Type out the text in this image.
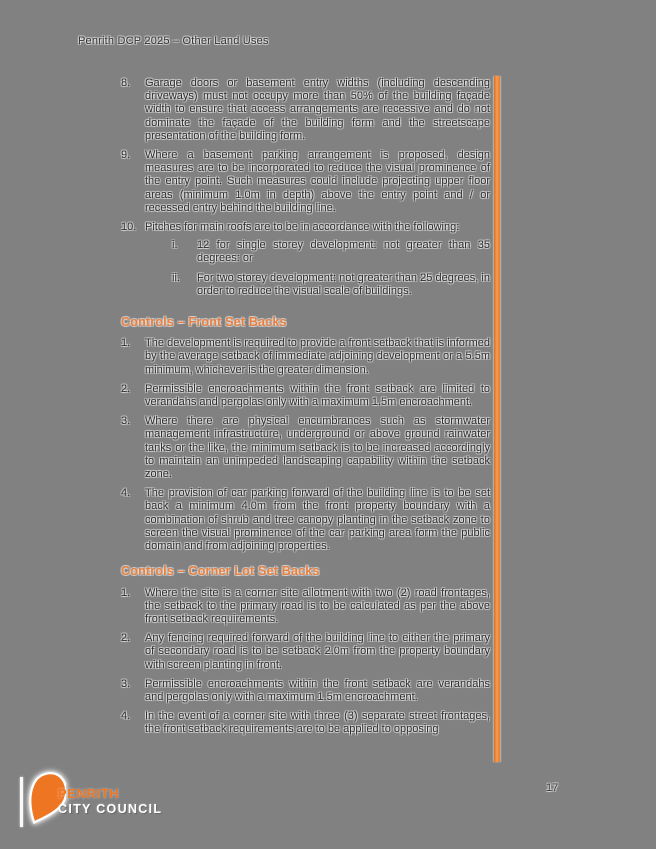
Penrith DCP 2025 – Other Land Uses
8.	Garage doors or basement entry widths (including descending driveways) must not occupy more than 50% of the building façade width to ensure that access arrangements are recessive and do not dominate the façade of the building form and the streetscape presentation of the building form.
9.	Where a basement parking arrangement is proposed, design measures are to be incorporated to reduce the visual prominence of the entry point. Such measures could include projecting upper floor areas (minimum 1.0m in depth) above the entry point and / or recessed entry behind the building line.
10. Pitches for main roofs are to be in accordance with the following:
i.	12 for single storey development: not greater than 35 degrees: or
ii.	For two storey development: not greater than 25 degrees, in order to reduce the visual scale of buildings.
Controls – Front Set Backs
1.	The development is required to provide a front setback that is informed by the average setback of immediate adjoining development or a 5.5m minimum, whichever is the greater dimension.
2.	Permissible encroachments within the front setback are limited to verandahs and pergolas only with a maximum 1.5m encroachment.
3.	Where there are physical encumbrances such as stormwater management infrastructure, underground or above ground rainwater tanks or the like, the minimum setback is to be increased accordingly to maintain an unimpeded landscaping capability within the setback zone.
4.	The provision of car parking forward of the building line is to be set back a minimum 4.0m from the front property boundary with a combination of shrub and tree canopy planting in the setback zone to screen the visual prominence of the car parking area form the public domain and from adjoining properties.
Controls – Corner Lot Set Backs
1.	Where the site is a corner site allotment with two (2) road frontages, the setback to the primary road is to be calculated as per the above front setback requirements.
2.	Any fencing required forward of the building line to either the primary of secondary road is to be setback 2.0m from the property boundary with screen planting in front.
3.	Permissible encroachments within the front setback are verandahs and pergolas only with a maximum 1.5m encroachment.
4.	In the event of a corner site with three (3) separate street frontages, the front setback requirements are to be applied to opposing
PENRITH
CITY COUNCIL
17
